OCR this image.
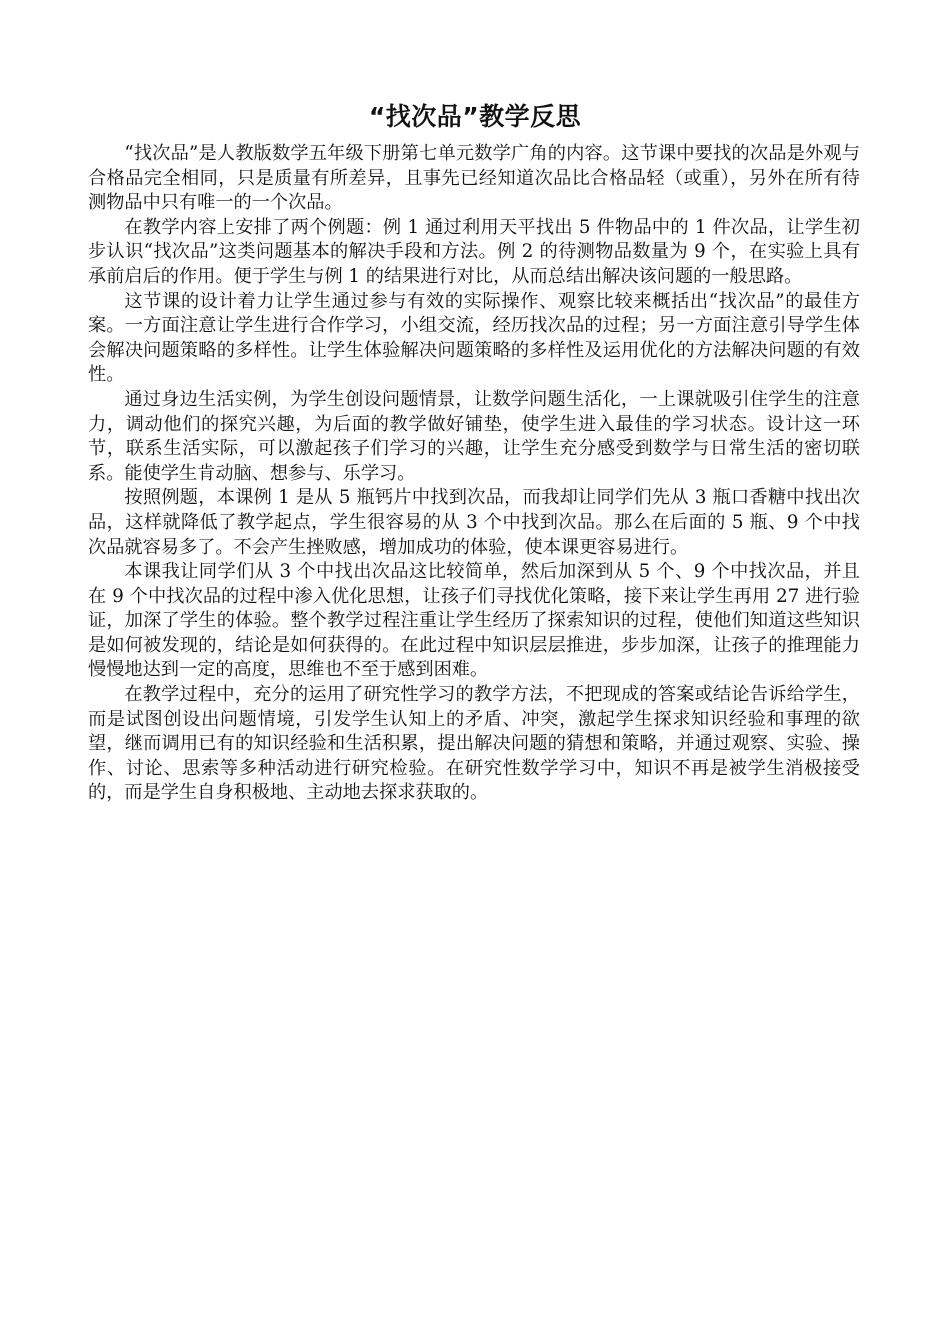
“找次品”教学反思

“找次品”是人教版数学五年级下册第七单元数学广角的内容。这节课中要找的次品是外观与合格品完全相同，只是质量有所差异，且事先已经知道次品比合格品轻（或重），另外在所有待测物品中只有唯一的一个次品。

在教学内容上安排了两个例题：例 1 通过利用天平找出 5 件物品中的 1 件次品，让学生初步认识“找次品”这类问题基本的解决手段和方法。例 2 的待测物品数量为 9 个，在实验上具有承前启后的作用。便于学生与例 1 的结果进行对比，从而总结出解决该问题的一般思路。

这节课的设计着力让学生通过参与有效的实际操作、观察比较来概括出“找次品”的最佳方案。一方面注意让学生进行合作学习，小组交流，经历找次品的过程；另一方面注意引导学生体会解决问题策略的多样性。让学生体验解决问题策略的多样性及运用优化的方法解决问题的有效性。

通过身边生活实例，为学生创设问题情景，让数学问题生活化，一上课就吸引住学生的注意力，调动他们的探究兴趣，为后面的教学做好铺垫，使学生进入最佳的学习状态。设计这一环节，联系生活实际，可以激起孩子们学习的兴趣，让学生充分感受到数学与日常生活的密切联系。能使学生肯动脑、想参与、乐学习。

按照例题，本课例 1 是从 5 瓶钙片中找到次品，而我却让同学们先从 3 瓶口香糖中找出次品，这样就降低了教学起点，学生很容易的从 3 个中找到次品。那么在后面的 5 瓶、9 个中找次品就容易多了。不会产生挫败感，增加成功的体验，使本课更容易进行。

本课我让同学们从 3 个中找出次品这比较简单，然后加深到从 5 个、9 个中找次品，并且在 9 个中找次品的过程中渗入优化思想，让孩子们寻找优化策略，接下来让学生再用 27 进行验证，加深了学生的体验。整个教学过程注重让学生经历了探索知识的过程，使他们知道这些知识是如何被发现的，结论是如何获得的。在此过程中知识层层推进，步步加深，让孩子的推理能力慢慢地达到一定的高度，思维也不至于感到困难。

在教学过程中，充分的运用了研究性学习的教学方法，不把现成的答案或结论告诉给学生，而是试图创设出问题情境，引发学生认知上的矛盾、冲突，激起学生探求知识经验和事理的欲望，继而调用已有的知识经验和生活积累，提出解决问题的猜想和策略，并通过观察、实验、操作、讨论、思索等多种活动进行研究检验。在研究性数学学习中，知识不再是被学生消极接受的，而是学生自身积极地、主动地去探求获取的。
